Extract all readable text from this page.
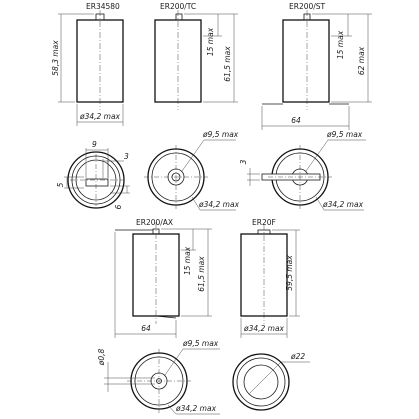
ER34580
58,3 max
ø34,2 max
ER200/TC
15 max
61,5 max
ER200/ST
15 max
62 max
64
9
3
5
6
ø9,5 max
ø34,2 max
3
ø9,5 max
ø34,2 max
ER200/AX
15 max 61,5 max
64
ER20F
59,5 max
ø34,2 max
ø0,8
ø9,5 max
ø34,2 max
ø22
